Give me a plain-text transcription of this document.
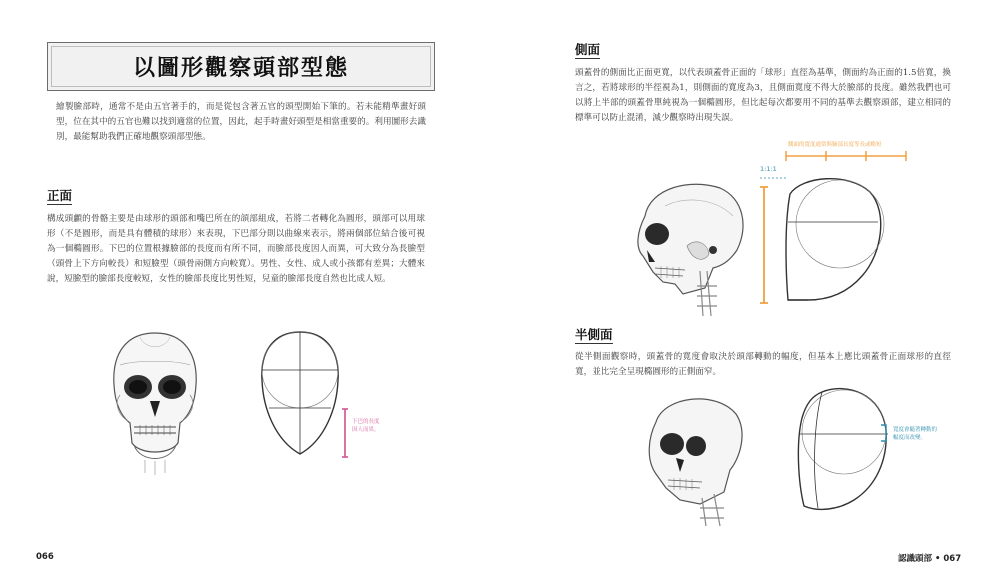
以圖形觀察頭部型態
繪製臉部時，通常不是由五官著手的，而是從包含著五官的頭型開始下筆的。若未能精準畫好頭型，位在其中的五官也難以找到適當的位置，因此，起手時畫好頭型是相當重要的。利用圖形去識別，最能幫助我們正確地觀察頭部型態。
正面
構成頭顱的骨骼主要是由球形的頭部和嘴巴所在的頜部組成，若將二者轉化為圓形，頭部可以用球形（不是圓形，而是具有體積的球形）來表現，下巴部分則以曲線來表示，將兩個部位結合後可視為一個橢圓形。下巴的位置根據臉部的長度而有所不同，而臉部長度因人而異，可大致分為長臉型（頭骨上下方向較長）和短臉型（頭骨兩側方向較寬）。男性、女性、成人或小孩都有差異；大體來說，短臉型的臉部長度較短，女性的臉部長度比男性短，兒童的臉部長度自然也比成人短。
下巴的長度
因人而異。
066
側面
頭蓋骨的側面比正面更寬，以代表頭蓋骨正面的「球形」直徑為基準，側面約為正面的1.5倍寬，換言之，若將球形的半徑視為1，則側面的寬度為3，且側面寬度不得大於臉部的長度。雖然我們也可以將上半部的頭蓋骨單純視為一個橢圓形，但比起每次都要用不同的基準去觀察頭部，建立相同的標準可以防止混淆，減少觀察時出現失誤。
側面的寬度通常與臉部長度等長或略短
1:1:1
半側面
從半側面觀察時，頭蓋骨的寬度會取決於頭部轉動的幅度，但基本上應比頭蓋骨正面球形的直徑寬，並比完全呈現橢圓形的正側面窄。
寬度會隨著轉動的
幅度而改變。
認識頭部 • 067
